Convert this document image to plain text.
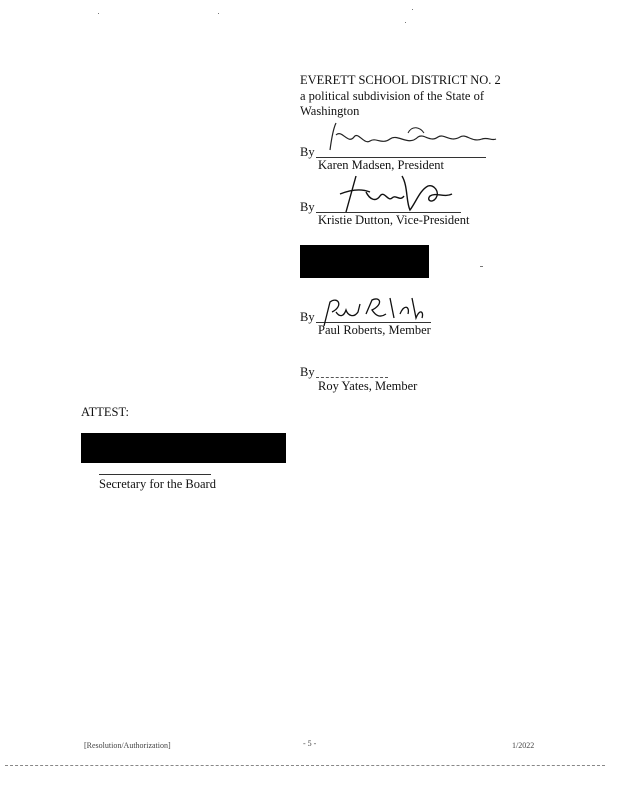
EVERETT SCHOOL DISTRICT NO. 2
a political subdivision of the State of
Washington
By
Karen Madsen, President
By
Kristie Dutton, Vice-President
By
Paul Roberts, Member
By
Roy Yates, Member
ATTEST:
Secretary for the Board
[Resolution/Authorization]	- 5 -	1/2022
